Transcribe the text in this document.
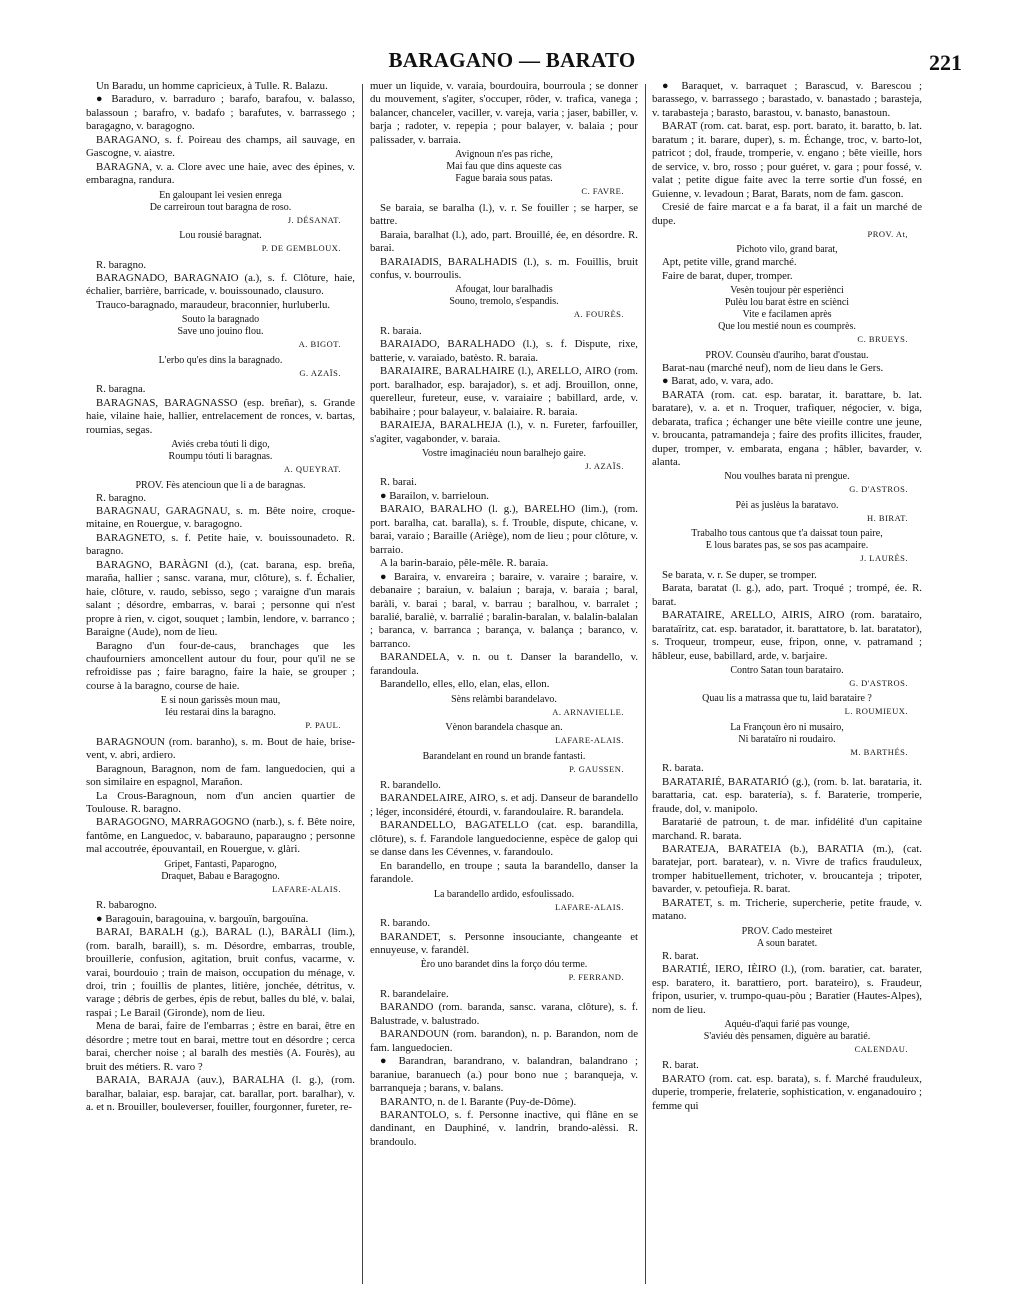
BARAGANO — BARATO	221

Un Baradu, un homme capricieux, à Tulle. R. Balazu.

● Baraduro, v. barraduro ; barafo, barafou, v. balasso, balassoun ; barafro, v. badafo ; barafutes, v. barrassego ; baragagno, v. baragogno.

BARAGANO, s. f. Poireau des champs, ail sauvage, en Gascogne, v. aiastre.

BARAGNA, v. a. Clore avec une haie, avec des épines, v. embaragna, randura.

En galoupant lei vesien enrega
De carreiroun tout baragna de roso.

J. DÉSANAT.

Lou rousié baragnat.

P. DE GEMBLOUX.

R. baragno.

BARAGNADO, BARAGNAIO (a.), s. f. Clôture, haie, échalier, barrière, barricade, v. bouissounado, clausuro.

Trauco-baragnado, maraudeur, braconnier, hurluberlu.

Souto la baragnado
Save uno jouino flou.

A. BIGOT.

L'erbo qu'es dins la baragnado.

G. AZAÏS.

R. baragna.

BARAGNAS, BARAGNASSO (esp. breñar), s. Grande haie, vilaine haie, hallier, entrelacement de ronces, v. bartas, roumias, segas.

Aviés creba tóuti li digo,
Roumpu tóuti li baragnas.

A. QUEYRAT.

PROV. Fès atencioun que li a de baragnas.

R. baragno.

BARAGNAU, GARAGNAU, s. m. Bête noire, croque-mitaine, en Rouergue, v. baragogno.

BARAGNETO, s. f. Petite haie, v. bouissounadeto. R. baragno.

BARAGNO, BARÀGNI (d.), (cat. barana, esp. breña, maraña, hallier ; sansc. varana, mur, clôture), s. f. Échalier, haie, clôture, v. raudo, sebisso, sego ; varaigne d'un marais salant ; désordre, embarras, v. barai ; personne qui n'est propre à rien, v. cigot, souquet ; lambin, lendore, v. barranco ; Baraigne (Aude), nom de lieu.

Baragno d'un four-de-caus, branchages que les chaufourniers amoncellent autour du four, pour qu'il ne se refroidisse pas ; faire baragno, faire la haie, se grouper ; course à la baragno, course de haie.

E si noun garissès moun mau,
Iéu restarai dins la baragno.

P. PAUL.

BARAGNOUN (rom. baranho), s. m. Bout de haie, brise-vent, v. abri, ardiero.

Baragnoun, Baragnon, nom de fam. languedocien, qui a son similaire en espagnol, Marañon.

La Crous-Baragnoun, nom d'un ancien quartier de Toulouse. R. baragno.

BARAGOGNO, MARRAGOGNO (narb.), s. f. Bête noire, fantôme, en Languedoc, v. babarauno, paparaugno ; personne mal accoutrée, épouvantail, en Rouergue, v. glàri.

Gripet, Fantasti, Paparogno,
Draquet, Babau e Baragogno.

LAFARE-ALAIS.

R. babarogno.

● Baragouin, baragouina, v. bargouïn, bargouïna.

BARAI, BARALH (g.), BARAL (l.), BARÀLI (lim.), (rom. baralh, baraill), s. m. Désordre, embarras, trouble, brouillerie, confusion, agitation, bruit confus, vacarme, v. varai, bourdouio ; train de maison, occupation du ménage, v. droi, trin ; fouillis de plantes, litière, jonchée, détritus, v. varage ; débris de gerbes, épis de rebut, balles du blé, v. balai, raspai ; Le Barail (Gironde), nom de lieu.

Mena de barai, faire de l'embarras ; èstre en barai, être en désordre ; metre tout en barai, mettre tout en désordre ; cerca barai, chercher noise ; al baralh des mestiès (A. Fourès), au bruit des métiers. R. varo ?

BARAIA, BARAJA (auv.), BARALHA (l. g.), (rom. baralhar, balaiar, esp. barajar, cat. barallar, port. baralhar), v. a. et n. Brouiller, bouleverser, fouiller, fourgonner, fureter, re-

muer un liquide, v. varaia, bourdouira, bourroula ; se donner du mouvement, s'agiter, s'occuper, rôder, v. trafica, vanega ; balancer, chanceler, vaciller, v. vareja, varia ; jaser, babiller, v. barja ; radoter, v. repepia ; pour balayer, v. balaia ; pour palissader, v. barraia.

Avignoun n'es pas riche,
Mai fau que dins aqueste cas
Fague baraia sous patas.

C. FAVRE.

Se baraia, se baralha (l.), v. r. Se fouiller ; se harper, se battre.

Baraia, baralhat (l.), ado, part. Brouillé, ée, en désordre. R. barai.

BARAIADIS, BARALHADIS (l.), s. m. Fouillis, bruit confus, v. bourroulis.

Afougat, lour baralhadis
Souno, tremolo, s'espandis.

A. FOURÈS.

R. baraia.

BARAIADO, BARALHADO (l.), s. f. Dispute, rixe, batterie, v. varaiado, batèsto. R. baraia.

BARAIAIRE, BARALHAIRE (l.), ARELLO, AIRO (rom. port. baralhador, esp. barajador), s. et adj. Brouillon, onne, querelleur, fureteur, euse, v. varaiaire ; babillard, arde, v. babihaire ; pour balayeur, v. balaiaire. R. baraia.

BARAIEJA, BARALHEJA (l.), v. n. Fureter, farfouiller, s'agiter, vagabonder, v. baraia.

Vostre imaginaciéu noun baralhejo gaire.

J. AZAÏS.

R. barai.

● Barailon, v. barrieloun.

BARAIO, BARALHO (l. g.), BARELHO (lim.), (rom. port. baralha, cat. baralla), s. f. Trouble, dispute, chicane, v. barai, varaio ; Baraille (Ariège), nom de lieu ; pour clôture, v. barraio.

A la barin-baraio, pêle-mêle. R. baraia.

● Baraira, v. envareira ; baraire, v. varaire ; baraire, v. debanaire ; baraiun, v. balaiun ; baraja, v. baraia ; baral, baràli, v. barai ; baral, v. barrau ; baralhou, v. barralet ; baralié, baraliè, v. barralié ; baralin-baralan, v. balalin-balalan ; baranca, v. barranca ; barança, v. balança ; baranco, v. barranco.

BARANDELA, v. n. ou t. Danser la barandello, v. farandoula.

Barandello, elles, ello, elan, elas, ellon.

Sèns relàmbi barandelavo.

A. ARNAVIELLE.

Vènon barandela chasque an.

LAFARE-ALAIS.

Barandelant en round un brande fantasti.

P. GAUSSEN.

R. barandello.

BARANDELAIRE, AIRO, s. et adj. Danseur de barandello ; léger, inconsidéré, étourdi, v. farandoulaire. R. barandela.

BARANDELLO, BAGATELLO (cat. esp. barandilla, clôture), s. f. Farandole languedocienne, espèce de galop qui se danse dans les Cévennes, v. farandoulo.

En barandello, en troupe ; sauta la barandello, danser la farandole.

La barandello ardido, esfoulissado.

LAFARE-ALAIS.

R. barando.

BARANDET, s. Personne insouciante, changeante et ennuyeuse, v. farandèl.

Èro uno barandet dins la forço dóu terme.

P. FERRAND.

R. barandelaire.

BARANDO (rom. baranda, sansc. varana, clôture), s. f. Balustrade, v. balustrado.

BARANDOUN (rom. barandon), n. p. Barandon, nom de fam. languedocien.

● Barandran, barandrano, v. balandran, balandrano ; baraniue, baranuech (a.) pour bono nue ; baranqueja, v. barranqueja ; barans, v. balans.

BARANTO, n. de l. Barante (Puy-de-Dôme).

BARANTOLO, s. f. Personne inactive, qui flâne en se dandinant, en Dauphiné, v. landrin, brando-alèssi. R. brandoulo.

● Baraquet, v. barraquet ; Barascud, v. Barescou ; barassego, v. barrassego ; barastado, v. banastado ; barasteja, v. tarabasteja ; barasto, barastou, v. banasto, banastoun.

BARAT (rom. cat. barat, esp. port. barato, it. baratto, b. lat. baratum ; it. barare, duper), s. m. Échange, troc, v. barto-lot, patricot ; dol, fraude, tromperie, v. engano ; bête vieille, hors de service, v. bro, rosso ; pour guéret, v. gara ; pour fossé, v. valat ; petite digue faite avec la terre sortie d'un fossé, en Guienne, v. levadoun ; Barat, Barats, nom de fam. gascon.

Cresié de faire marcat e a fa barat, il a fait un marché de dupe.

PROV. At,

Pichoto vilo, grand barat,

Apt, petite ville, grand marché.

Faire de barat, duper, tromper.

Vesèn toujour pèr esperiènci
Pulèu lou barat èstre en sciènci
Vite e facilamen après
Que lou mestié noun es coumprès.

C. BRUEYS.

PROV. Counsèu d'auriho, barat d'oustau.

Barat-nau (marché neuf), nom de lieu dans le Gers.

● Barat, ado, v. vara, ado.

BARATA (rom. cat. esp. baratar, it. barattare, b. lat. baratare), v. a. et n. Troquer, trafiquer, négocier, v. biga, debarata, trafica ; échanger une bête vieille contre une jeune, v. broucanta, patramandeja ; faire des profits illicites, frauder, duper, tromper, v. embarata, engana ; hâbler, bavarder, v. alanta.

Nou voulhes barata ni prengue.

G. D'ASTROS.

Pèi as juslèus la baratavo.

H. BIRAT.

Trabalho tous cantous que t'a daissat toun paire,
E lous barates pas, se sos pas acampaire.

J. LAURÈS.

Se barata, v. r. Se duper, se tromper.

Barata, baratat (l. g.), ado, part. Troqué ; trompé, ée. R. barat.

BARATAIRE, ARELLO, AIRIS, AIRO (rom. baratairo, barataïritz, cat. esp. baratador, it. barattatore, b. lat. baratator), s. Troqueur, trompeur, euse, fripon, onne, v. patramand ; hâbleur, euse, babillard, arde, v. barjaire.

Contro Satan toun baratairo.

G. D'ASTROS.

Quau lis a matrassa que tu, laid barataire ?

L. ROUMIEUX.

La Françoun èro ni musairo,
Ni barataïro ni roudairo.

M. BARTHÉS.

R. barata.

BARATARIÉ, BARATARIÓ (g.), (rom. b. lat. barataria, it. barattaria, cat. esp. baratería), s. f. Baraterie, tromperie, fraude, dol, v. manipolo.

Baratarié de patroun, t. de mar. infidélité d'un capitaine marchand. R. barata.

BARATEJA, BARATEIA (b.), BARATIA (m.), (cat. baratejar, port. baratear), v. n. Vivre de trafics frauduleux, tromper habituellement, trichoter, v. broucanteja ; tripoter, bavarder, v. petoufieja. R. barat.

BARATET, s. m. Tricherie, supercherie, petite fraude, v. matano.

PROV. Cado mesteiret
A soun baratet.

R. barat.

BARATIÉ, IERO, IÈIRO (l.), (rom. baratier, cat. barater, esp. baratero, it. barattiero, port. barateiro), s. Fraudeur, fripon, usurier, v. trumpo-quau-pòu ; Baratier (Hautes-Alpes), nom de lieu.

Aquéu-d'aqui farié pas vounge,
S'aviéu dès pensamen, diguère au baratié.

CALENDAU.

R. barat.

BARATO (rom. cat. esp. barata), s. f. Marché frauduleux, duperie, tromperie, frelaterie, sophistication, v. enganadouiro ; femme qui
